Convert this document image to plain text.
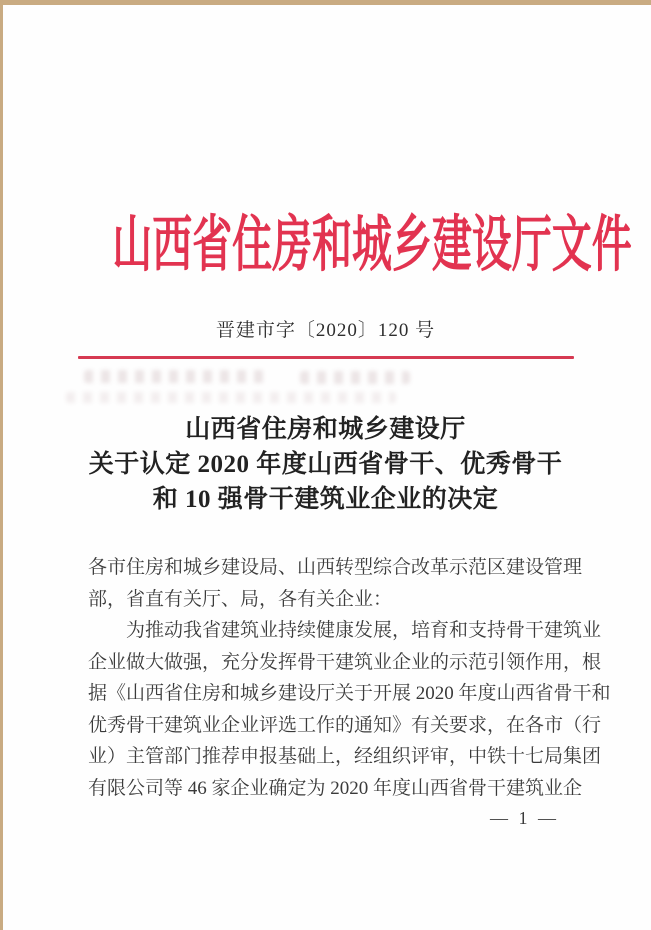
山西省住房和城乡建设厅文件
晋建市字〔2020〕120 号
山西省住房和城乡建设厅
关于认定 2020 年度山西省骨干、优秀骨干
和 10 强骨干建筑业企业的决定
各市住房和城乡建设局、山西转型综合改革示范区建设管理
部，省直有关厅、局，各有关企业：
为推动我省建筑业持续健康发展，培育和支持骨干建筑业
企业做大做强，充分发挥骨干建筑业企业的示范引领作用，根
据《山西省住房和城乡建设厅关于开展 2020 年度山西省骨干和
优秀骨干建筑业企业评选工作的通知》有关要求，在各市（行
业）主管部门推荐申报基础上，经组织评审，中铁十七局集团
有限公司等 46 家企业确定为 2020 年度山西省骨干建筑业企
— 1 —
